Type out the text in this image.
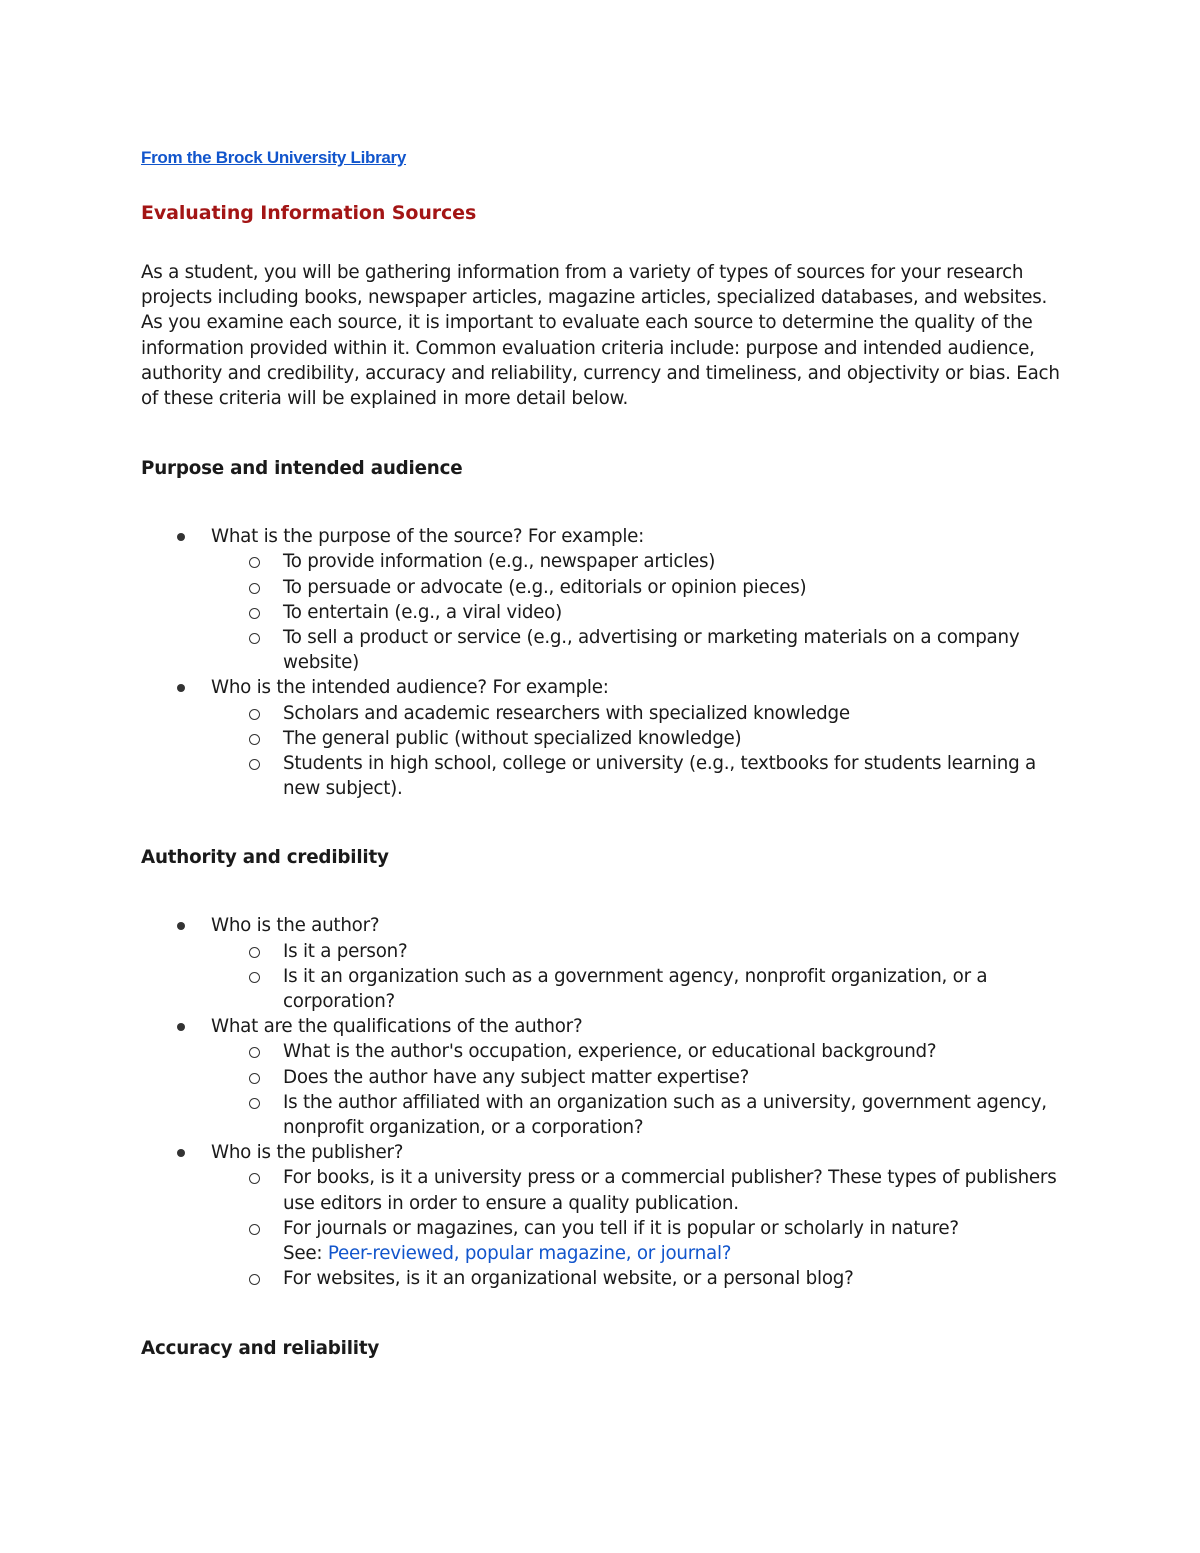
From the Brock University Library
Evaluating Information Sources

As a student, you will be gathering information from a variety of types of sources for your research projects including books, newspaper articles, magazine articles, specialized databases, and websites. As you examine each source, it is important to evaluate each source to determine the quality of the information provided within it. Common evaluation criteria include: purpose and intended audience, authority and credibility, accuracy and reliability, currency and timeliness, and objectivity or bias. Each of these criteria will be explained in more detail below.

Purpose and intended audience
What is the purpose of the source? For example:
To provide information (e.g., newspaper articles)
To persuade or advocate (e.g., editorials or opinion pieces)
To entertain (e.g., a viral video)
To sell a product or service (e.g., advertising or marketing materials on a company website)
Who is the intended audience? For example:
Scholars and academic researchers with specialized knowledge
The general public (without specialized knowledge)
Students in high school, college or university (e.g., textbooks for students learning a new subject).
Authority and credibility
Who is the author?
Is it a person?
Is it an organization such as a government agency, nonprofit organization, or a corporation?
What are the qualifications of the author?
What is the author's occupation, experience, or educational background?
Does the author have any subject matter expertise?
Is the author affiliated with an organization such as a university, government agency, nonprofit organization, or a corporation?
Who is the publisher?
For books, is it a university press or a commercial publisher? These types of publishers use editors in order to ensure a quality publication.
For journals or magazines, can you tell if it is popular or scholarly in nature?
See: Peer-reviewed, popular magazine, or journal?
For websites, is it an organizational website, or a personal blog?
Accuracy and reliability
